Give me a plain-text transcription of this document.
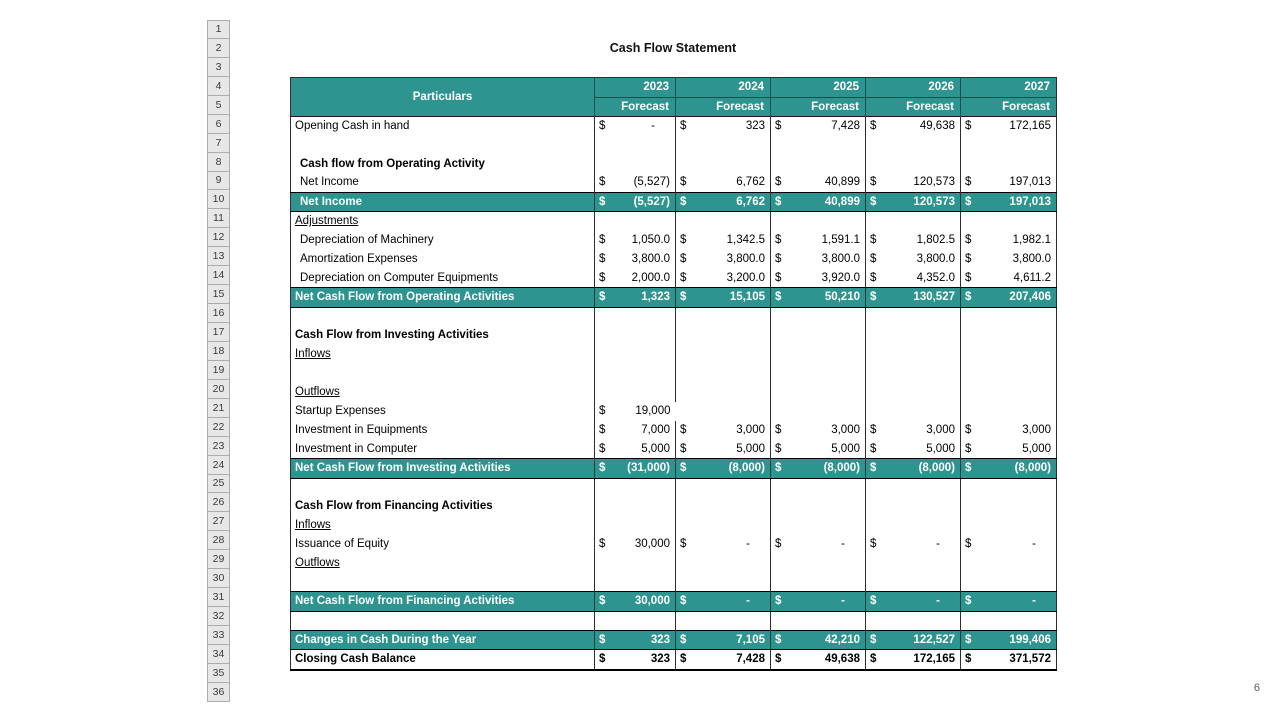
Cash Flow Statement
1
2
3
4
5
6
7
8
9
10
11
12
13
14
15
16
17
18
19
20
21
22
23
24
25
26
27
28
29
30
31
32
33
34
35
36
Particulars	2023	2024	2025	2026	2027
	Forecast	Forecast	Forecast	Forecast	Forecast
Opening Cash in hand	$ -	$ 323	$ 7,428	$ 49,638	$ 172,165

Cash flow from Operating Activity					
Net Income	$ (5,527)	$ 6,762	$ 40,899	$ 120,573	$ 197,013

Net Income	$ (5,527)	$ 6,762	$ 40,899	$ 120,573	$ 197,013

Adjustments					
Depreciation of Machinery	$ 1,050.0	$ 1,342.5	$ 1,591.1	$ 1,802.5	$ 1,982.1

Amortization Expenses	$ 3,800.0	$ 3,800.0	$ 3,800.0	$ 3,800.0	$ 3,800.0

Depreciation on Computer Equipments	$ 2,000.0	$ 3,200.0	$ 3,920.0	$ 4,352.0	$ 4,611.2

Net Cash Flow from Operating Activities	$ 1,323	$ 15,105	$ 50,210	$ 130,527	$ 207,406

Cash Flow from Investing Activities					
Inflows					

Outflows					
Startup Expenses	$ 19,000				

Investment in Equipments	$ 7,000	$ 3,000	$ 3,000	$ 3,000	$ 3,000

Investment in Computer	$ 5,000	$ 5,000	$ 5,000	$ 5,000	$ 5,000

Net Cash Flow from Investing Activities	$ (31,000)	$ (8,000)	$ (8,000)	$ (8,000)	$ (8,000)

Cash Flow from Financing Activities					
Inflows					
Issuance of Equity	$ 30,000	$ -	$ -	$ -	$ -

Outflows					

Net Cash Flow from Financing Activities	$ 30,000	$ -	$ -	$ -	$ -

Changes in Cash During the Year	$ 323	$ 7,105	$ 42,210	$ 122,527	$ 199,406

Closing Cash Balance	$ 323	$ 7,428	$ 49,638	$ 172,165	$ 371,572
6
